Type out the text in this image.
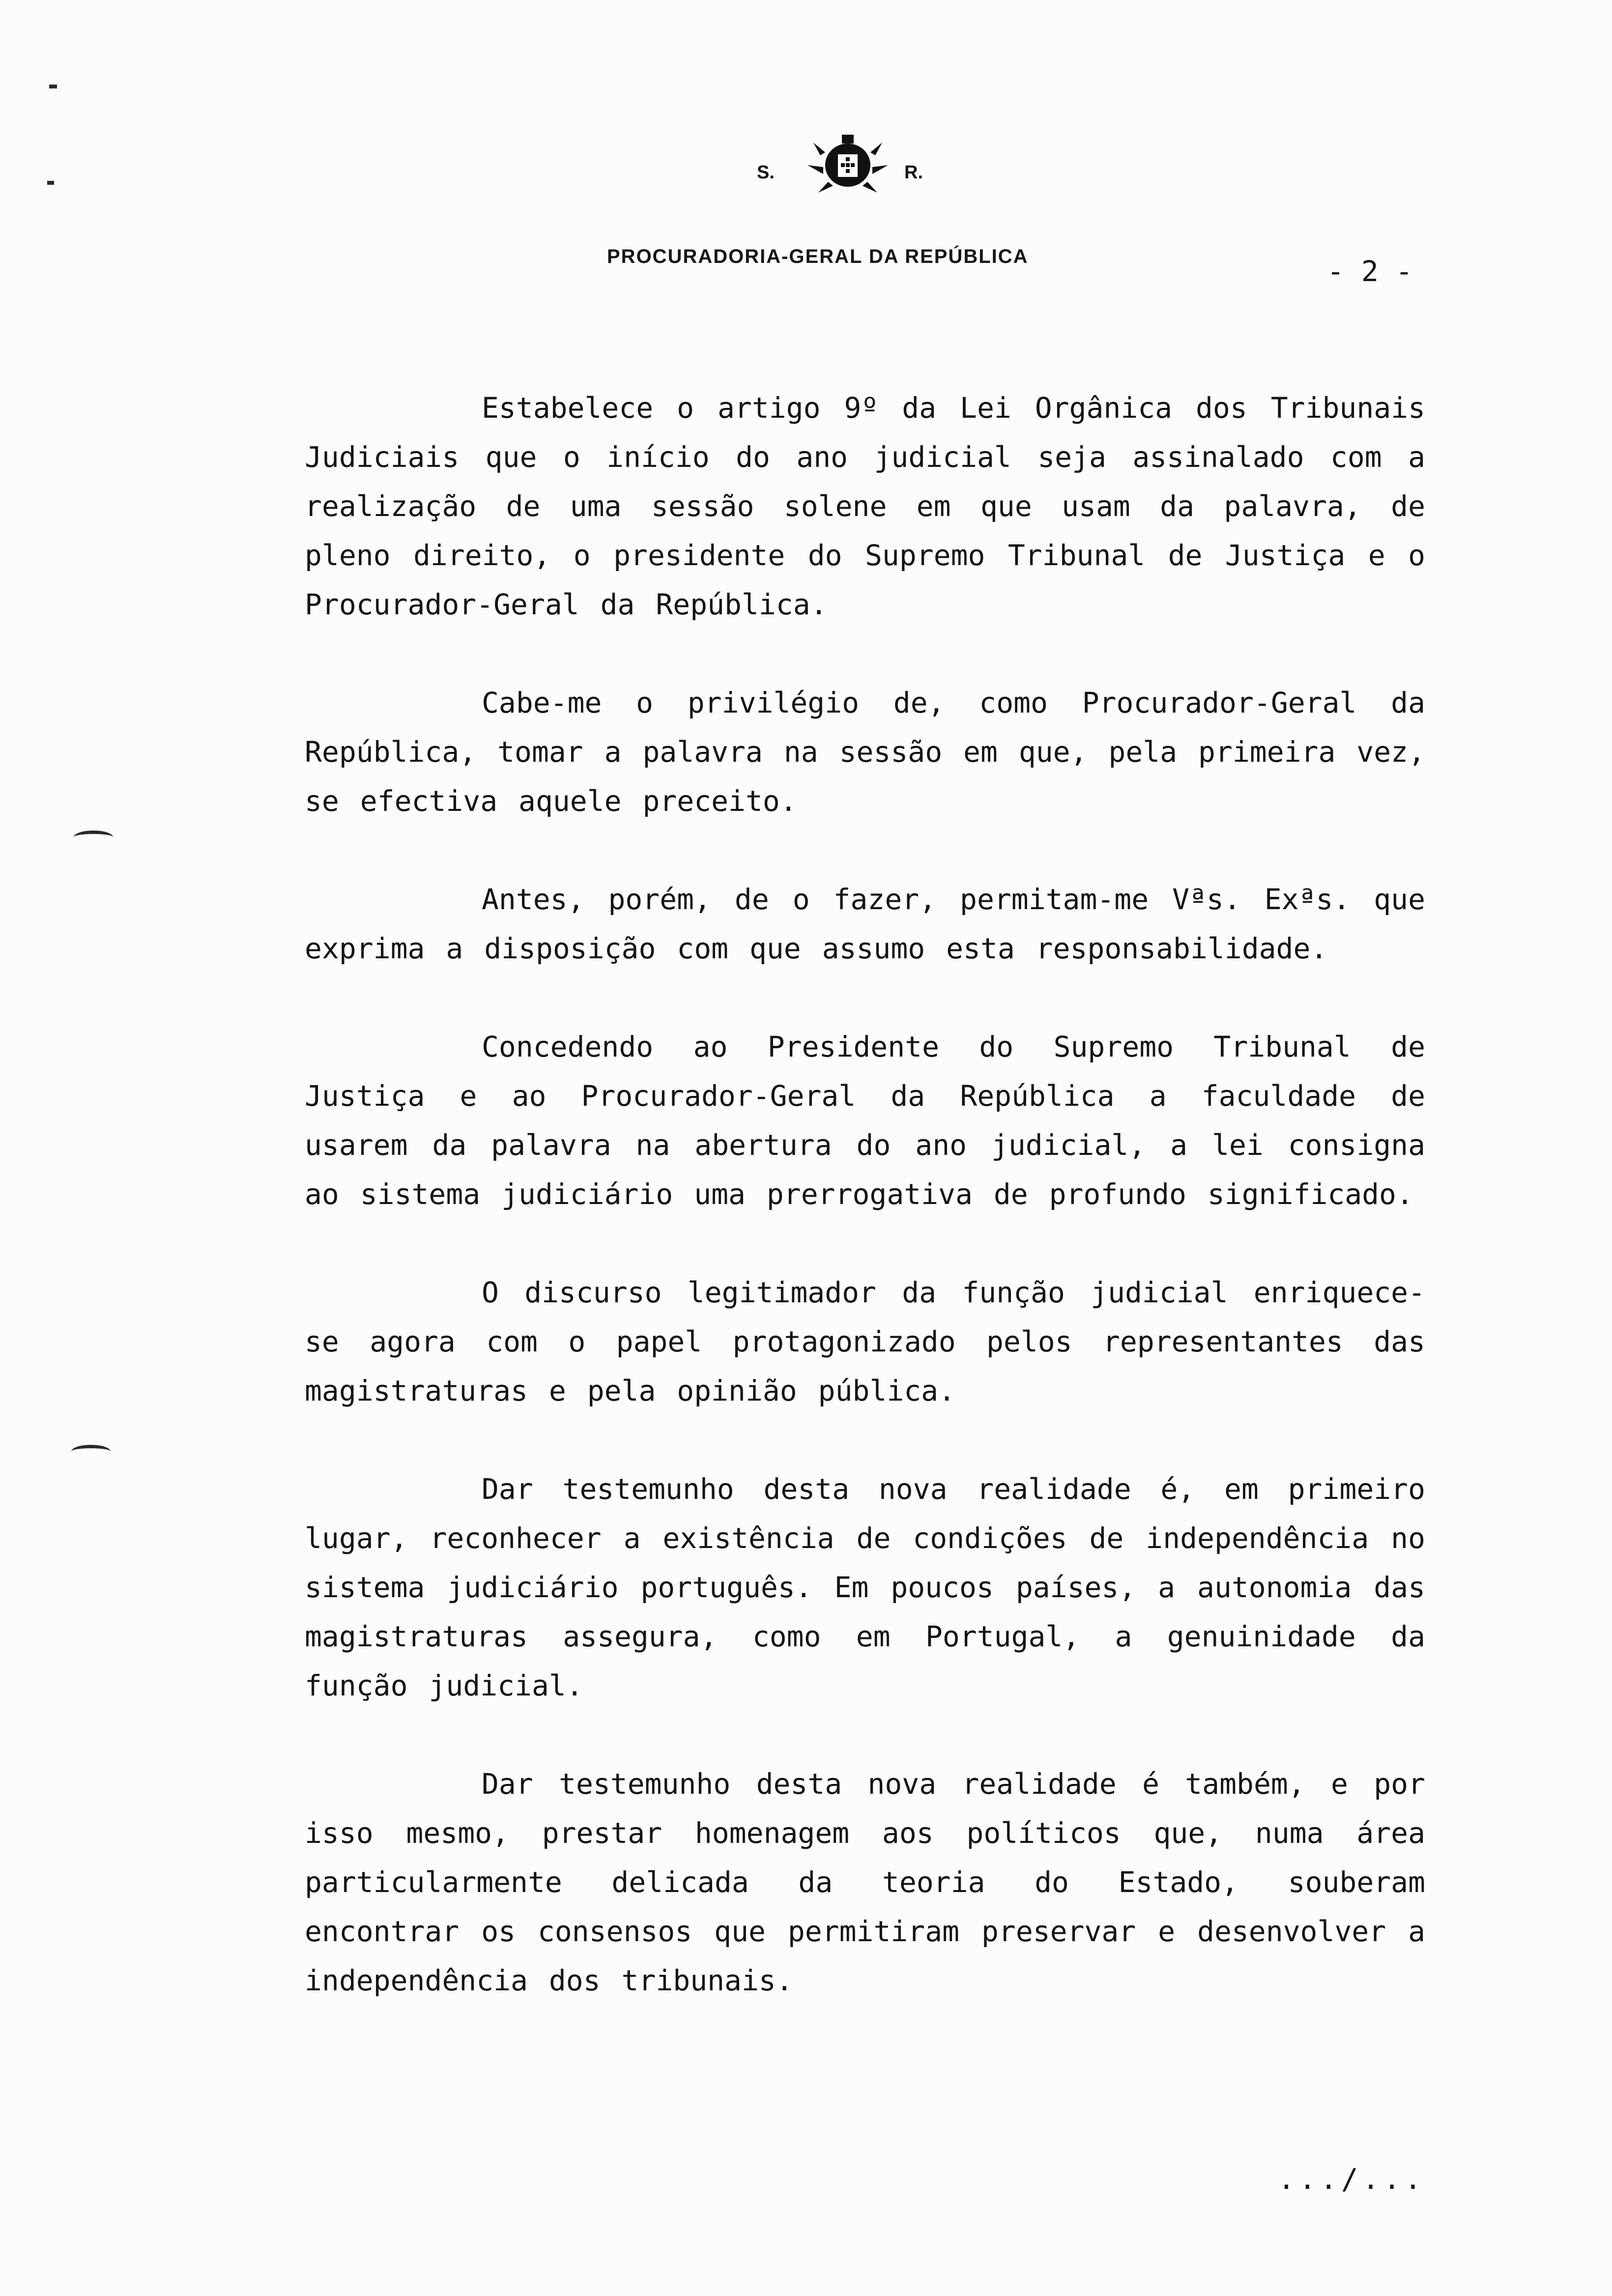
S.	R.
PROCURADORIA-GERAL DA REPÚBLICA	- 2 -

Estabelece o artigo 9º da Lei Orgânica dos Tribunais Judiciais que o início do ano judicial seja assinalado com a realização de uma sessão solene em que usam da palavra, de pleno direito, o presidente do Supremo Tribunal de Justiça e o Procurador-Geral da República.

Cabe-me o privilégio de, como Procurador-Geral da República, tomar a palavra na sessão em que, pela primeira vez, se efectiva aquele preceito.

Antes, porém, de o fazer, permitam-me Vªs. Exªs. que exprima a disposição com que assumo esta responsabilidade.

Concedendo ao Presidente do Supremo Tribunal de Justiça e ao Procurador-Geral da República a faculdade de usarem da palavra na abertura do ano judicial, a lei consigna ao sistema judiciário uma prerrogativa de profundo significado.

O discurso legitimador da função judicial enriquece-se agora com o papel protagonizado pelos representantes das magistraturas e pela opinião pública.

Dar testemunho desta nova realidade é, em primeiro lugar, reconhecer a existência de condições de independência no sistema judiciário português. Em poucos países, a autonomia das magistraturas assegura, como em Portugal, a genuinidade da função judicial.

Dar testemunho desta nova realidade é também, e por isso mesmo, prestar homenagem aos políticos que, numa área particularmente delicada da teoria do Estado, souberam encontrar os consensos que permitiram preservar e desenvolver a independência dos tribunais.

.../...
